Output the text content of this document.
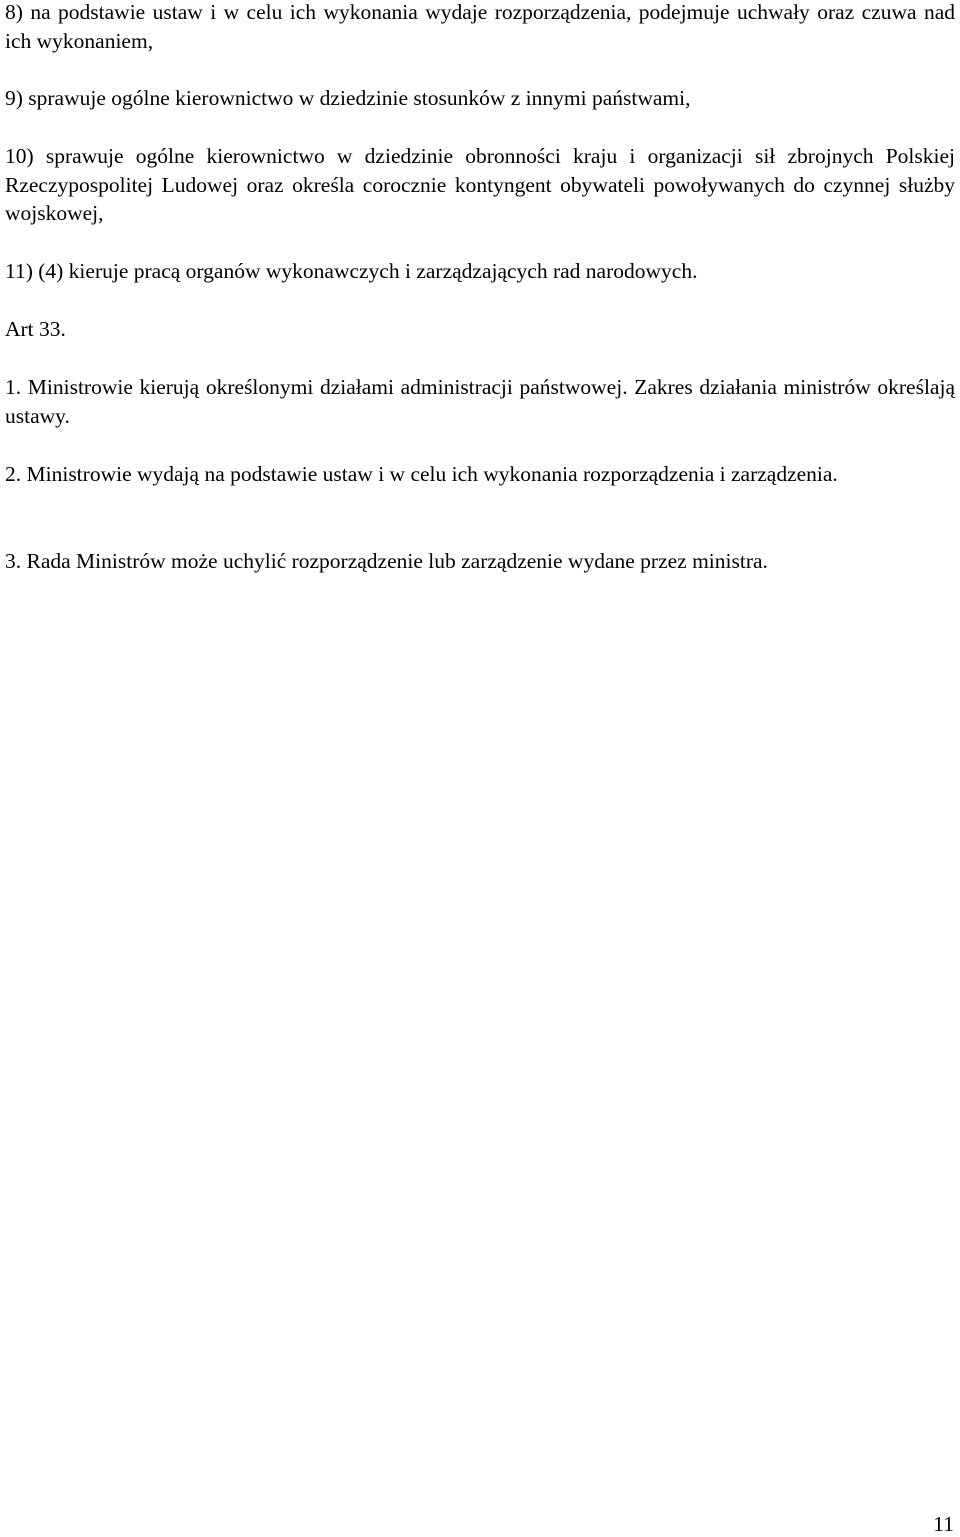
8) na podstawie ustaw i w celu ich wykonania wydaje rozporządzenia, podejmuje uchwały oraz czuwa nad ich wykonaniem,

9) sprawuje ogólne kierownictwo w dziedzinie stosunków z innymi państwami,

10) sprawuje ogólne kierownictwo w dziedzinie obronności kraju i organizacji sił zbrojnych Polskiej Rzeczypospolitej Ludowej oraz określa corocznie kontyngent obywateli powoływanych do czynnej służby wojskowej,

11) (4) kieruje pracą organów wykonawczych i zarządzających rad narodowych.

Art 33.

1. Ministrowie kierują określonymi działami administracji państwowej. Zakres działania ministrów określają ustawy.

2. Ministrowie wydają na podstawie ustaw i w celu ich wykonania rozporządzenia i zarządzenia.

3. Rada Ministrów może uchylić rozporządzenie lub zarządzenie wydane przez ministra.

11
